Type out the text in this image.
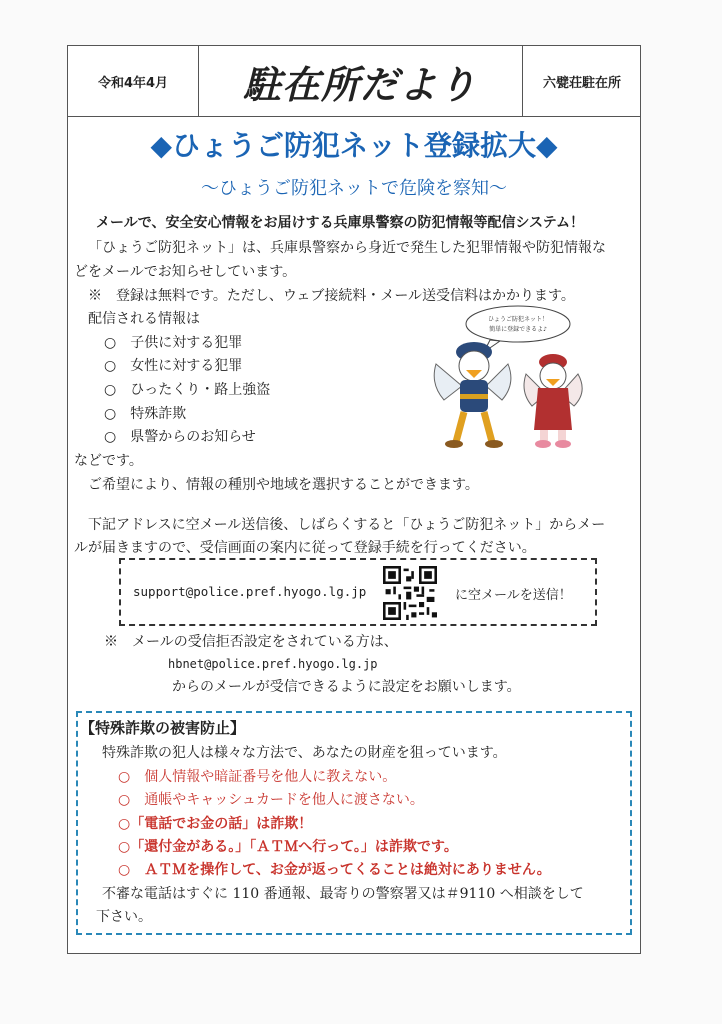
令和4年4月	駐在所だより	六甓荘駐在所
◆ひょうご防犯ネット登録拡大◆
～ひょうご防犯ネットで危険を察知～
メールで、安全安心情報をお届けする兵庫県警察の防犯情報等配信システム！
「ひょうご防犯ネット」は、兵庫県警察から身近で発生した犯罪情報や防犯情報な
どをメールでお知らせしています。
※　登録は無料です。ただし、ウェブ接続料・メール送受信料はかかります。
配信される情報は
○　子供に対する犯罪
○　女性に対する犯罪
○　ひったくり・路上強盗
○　特殊詐欺
○　県警からのお知らせ
などです。
ご希望により、情報の種別や地域を選択することができます。
ひょうご防犯ネット！
簡単に登録できるよ♪
下記アドレスに空メール送信後、しばらくすると「ひょうご防犯ネット」からメー
ルが届きますので、受信画面の案内に従って登録手続を行ってください。
support@police.pref.hyogo.lg.jp	に空メールを送信！
※　メールの受信拒否設定をされている方は、
hbnet@police.pref.hyogo.lg.jp
からのメールが受信できるように設定をお願いします。
【特殊詐欺の被害防止】
特殊詐欺の犯人は様々な方法で、あなたの財産を狙っています。
○　個人情報や暗証番号を他人に教えない。
○　通帳やキャッシュカードを他人に渡さない。
○「電話でお金の話」は詐欺！
○「還付金がある。」「ＡＴＭへ行って。」は詐欺です。
○　ＡＴＭを操作して、お金が返ってくることは絶対にありません。
不審な電話はすぐに 110 番通報、最寄りの警察署又は＃9110 へ相談をして
下さい。
